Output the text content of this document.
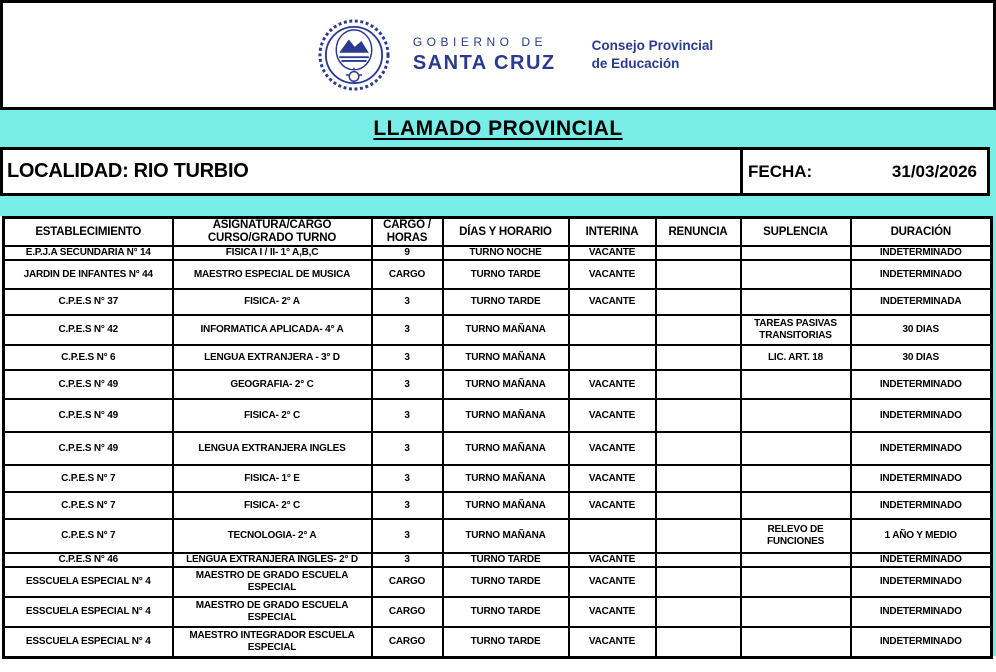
GOBIERNO DE
SANTA CRUZ
Consejo Provincial
de Educación
LLAMADO PROVINCIAL
LOCALIDAD: RIO TURBIO	FECHA:	31/03/2026
ESTABLECIMIENTO	ASIGNATURA/CARGO CURSO/GRADO TURNO	CARGO / HORAS	DÍAS Y HORARIO	INTERINA	RENUNCIA	SUPLENCIA	DURACIÓN
E.P.J.A SECUNDARIA N° 14	FISICA I / II- 1° A,B,C	9	TURNO NOCHE	VACANTE			INDETERMINADO
JARDIN DE INFANTES N° 44	MAESTRO ESPECIAL DE MUSICA	CARGO	TURNO TARDE	VACANTE			INDETERMINADO
C.P.E.S N° 37	FISICA- 2° A	3	TURNO TARDE	VACANTE			INDETERMINADA
C.P.E.S N° 42	INFORMATICA APLICADA- 4° A	3	TURNO MAÑANA			TAREAS PASIVAS TRANSITORIAS	30 DIAS
C.P.E.S N° 6	LENGUA EXTRANJERA - 3° D	3	TURNO MAÑANA			LIC. ART. 18	30 DIAS
C.P.E.S N° 49	GEOGRAFIA- 2° C	3	TURNO MAÑANA	VACANTE			INDETERMINADO
C.P.E.S N° 49	FISICA- 2° C	3	TURNO MAÑANA	VACANTE			INDETERMINADO
C.P.E.S N° 49	LENGUA EXTRANJERA INGLES	3	TURNO MAÑANA	VACANTE			INDETERMINADO
C.P.E.S N° 7	FISICA- 1° E	3	TURNO MAÑANA	VACANTE			INDETERMINADO
C.P.E.S N° 7	FISICA- 2° C	3	TURNO MAÑANA	VACANTE			INDETERMINADO
C.P.E.S N° 7	TECNOLOGIA- 2° A	3	TURNO MAÑANA			RELEVO DE FUNCIONES	1 AÑO Y MEDIO
C.P.E.S N° 46	LENGUA EXTRANJERA INGLES- 2° D	3	TURNO TARDE	VACANTE			INDETERMINADO
ESSCUELA ESPECIAL N° 4	MAESTRO DE GRADO ESCUELA ESPECIAL	CARGO	TURNO TARDE	VACANTE			INDETERMINADO
ESSCUELA ESPECIAL N° 4	MAESTRO DE GRADO ESCUELA ESPECIAL	CARGO	TURNO TARDE	VACANTE			INDETERMINADO
ESSCUELA ESPECIAL N° 4	MAESTRO INTEGRADOR ESCUELA ESPECIAL	CARGO	TURNO TARDE	VACANTE			INDETERMINADO
